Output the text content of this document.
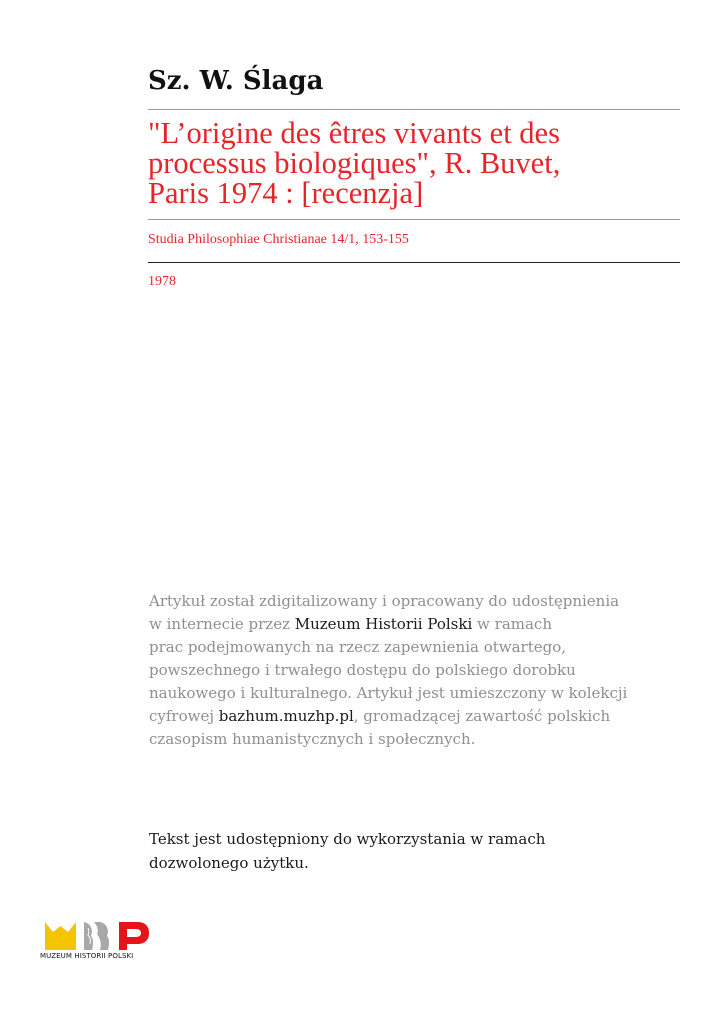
Sz. W. Ślaga
"L’origine des êtres vivants et des
processus biologiques", R. Buvet,
Paris 1974 : [recenzja]
Studia Philosophiae Christianae 14/1, 153-155
1978
Artykuł został zdigitalizowany i opracowany do udostępnienia
w internecie przez Muzeum Historii Polski w ramach
prac podejmowanych na rzecz zapewnienia otwartego,
powszechnego i trwałego dostępu do polskiego dorobku
naukowego i kulturalnego. Artykuł jest umieszczony w kolekcji
cyfrowej bazhum.muzhp.pl, gromadzącej zawartość polskich
czasopism humanistycznych i społecznych.
Tekst jest udostępniony do wykorzystania w ramach
dozwolonego użytku.
MUZEUM HISTORII POLSKI
